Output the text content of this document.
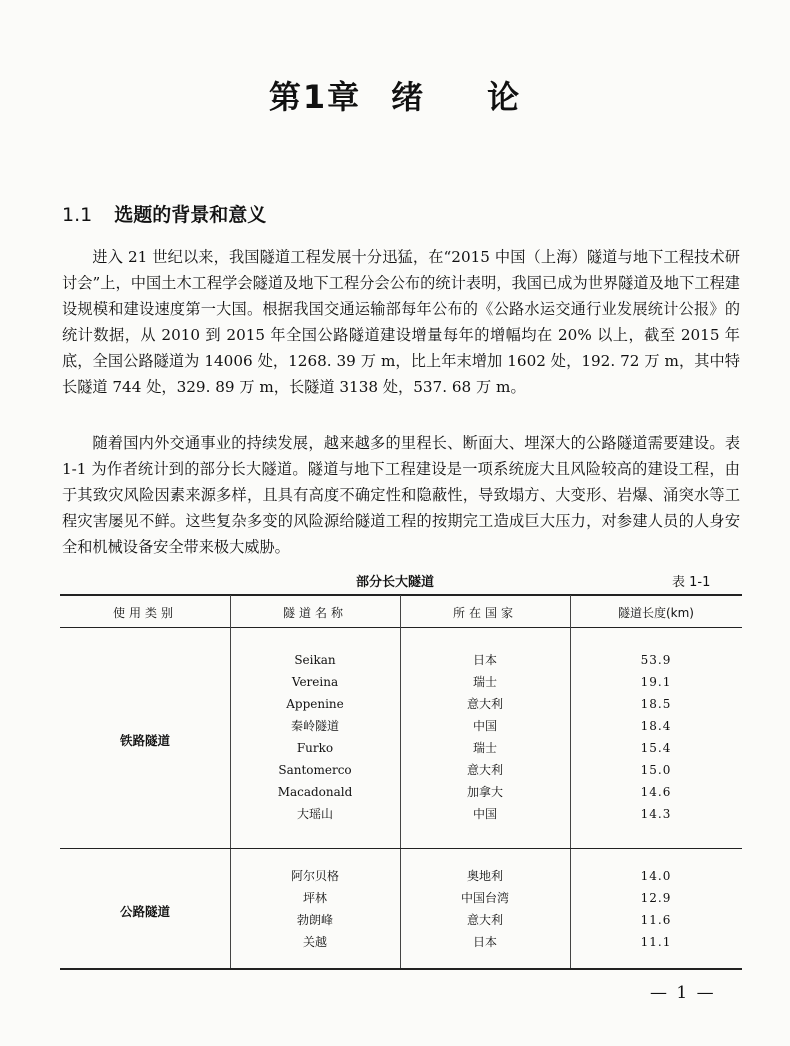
第1章 绪 论
1.1 选题的背景和意义

进入 21 世纪以来，我国隧道工程发展十分迅猛，在“2015 中国（上海）隧道与地下工程技术研讨会”上，中国土木工程学会隧道及地下工程分会公布的统计表明，我国已成为世界隧道及地下工程建设规模和建设速度第一大国。根据我国交通运输部每年公布的《公路水运交通行业发展统计公报》的统计数据，从 2010 到 2015 年全国公路隧道建设增量每年的增幅均在 20% 以上，截至 2015 年底，全国公路隧道为 14006 处，1268. 39 万 m，比上年末增加 1602 处，192. 72 万 m，其中特长隧道 744 处，329. 89 万 m，长隧道 3138 处，537. 68 万 m。

随着国内外交通事业的持续发展，越来越多的里程长、断面大、埋深大的公路隧道需要建设。表 1-1 为作者统计到的部分长大隧道。隧道与地下工程建设是一项系统庞大且风险较高的建设工程，由于其致灾风险因素来源多样，且具有高度不确定性和隐蔽性，导致塌方、大变形、岩爆、涌突水等工程灾害屡见不鲜。这些复杂多变的风险源给隧道工程的按期完工造成巨大压力，对参建人员的人身安全和机械设备安全带来极大威胁。

部分长大隧道	表 1-1
使用类别	隧道名称	所在国家	隧道长度(km)
铁路隧道
Seikan	日本	53.9
Vereina	瑞士	19.1
Appenine	意大利	18.5
秦岭隧道	中国	18.4
Furko	瑞士	15.4
Santomerco	意大利	15.0
Macadonald	加拿大	14.6
大瑶山	中国	14.3
公路隧道
阿尔贝格	奥地利	14.0
坪林	中国台湾	12.9
勃朗峰	意大利	11.6
关越	日本	11.1
— 1 —
